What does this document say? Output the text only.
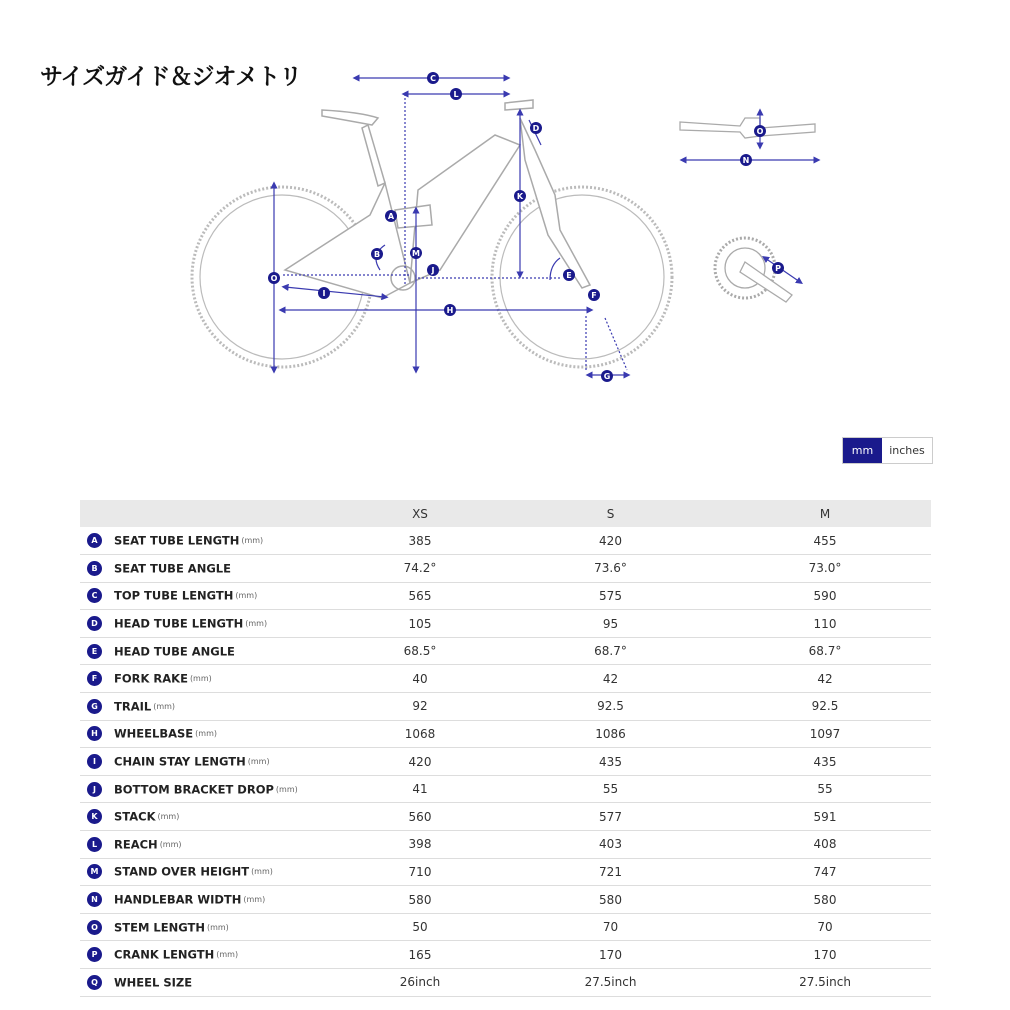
サイズガイド＆ジオメトリ	C
L
D
K
A
B	M
J
O
I
H
E
F
G
O
N
P
mm	inches
	XS	S	M
A SEAT TUBE LENGTH (mm)	385	420	455
B SEAT TUBE ANGLE	74.2°	73.6°	73.0°
C TOP TUBE LENGTH (mm)	565	575	590
D HEAD TUBE LENGTH (mm)	105	95	110
E HEAD TUBE ANGLE	68.5°	68.7°	68.7°
F FORK RAKE (mm)	40	42	42
G TRAIL (mm)	92	92.5	92.5
H WHEELBASE (mm)	1068	1086	1097
I CHAIN STAY LENGTH (mm)	420	435	435
J BOTTOM BRACKET DROP (mm)	41	55	55
K STACK (mm)	560	577	591
L REACH (mm)	398	403	408
M STAND OVER HEIGHT (mm)	710	721	747
N HANDLEBAR WIDTH (mm)	580	580	580
O STEM LENGTH (mm)	50	70	70
P CRANK LENGTH (mm)	165	170	170
Q WHEEL SIZE	26inch	27.5inch	27.5inch
